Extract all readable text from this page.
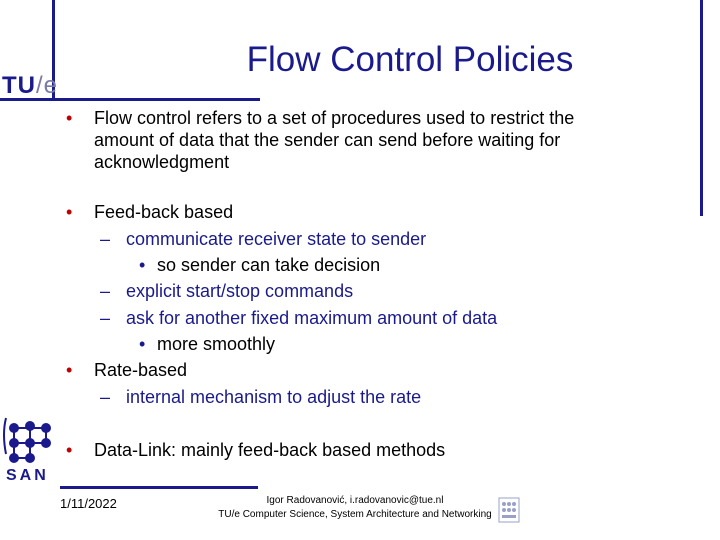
TU/e
Flow Control Policies
• Flow control refers to a set of procedures used to restrict the
amount of data that the sender can send before waiting for
acknowledgment
• Feed-back based
– communicate receiver state to sender
• so sender can take decision
– explicit start/stop commands
– ask for another fixed maximum amount of data
• more smoothly
• Rate-based
– internal mechanism to adjust the rate
• Data-Link: mainly feed-back based methods
SAN
1/11/2022	Igor Radovanović, i.radovanovic@tue.nl
TU/e Computer Science, System Architecture and Networking
